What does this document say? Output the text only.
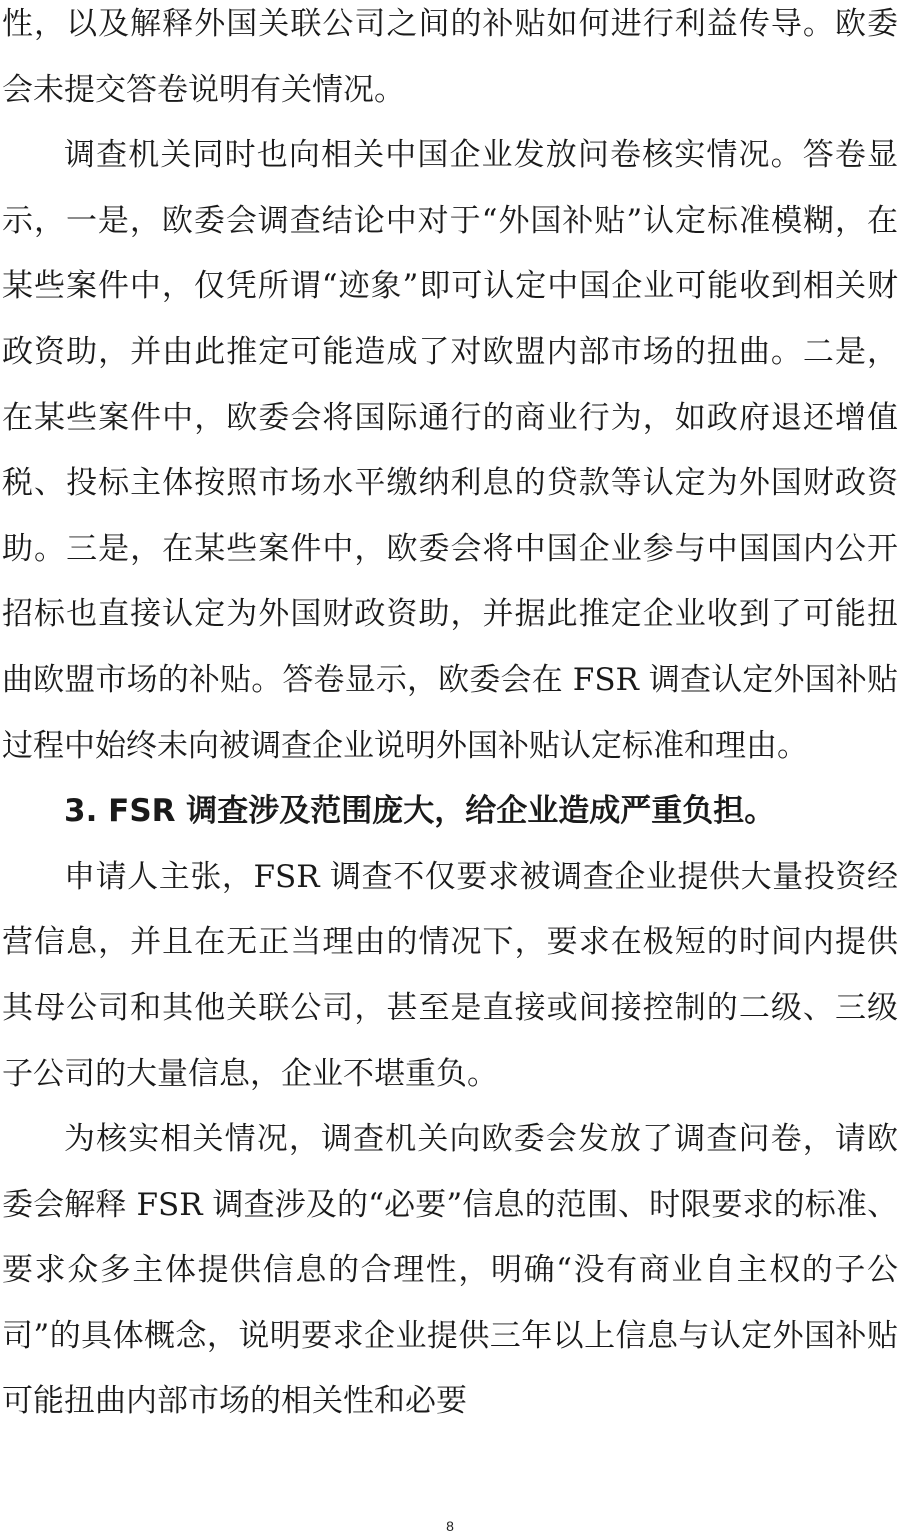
性，以及解释外国关联公司之间的补贴如何进行利益传导。欧委会未提交答卷说明有关情况。

调查机关同时也向相关中国企业发放问卷核实情况。答卷显示，一是，欧委会调查结论中对于“外国补贴”认定标准模糊，在某些案件中，仅凭所谓“迹象”即可认定中国企业可能收到相关财政资助，并由此推定可能造成了对欧盟内部市场的扭曲。二是，在某些案件中，欧委会将国际通行的商业行为，如政府退还增值税、投标主体按照市场水平缴纳利息的贷款等认定为外国财政资助。三是，在某些案件中，欧委会将中国企业参与中国国内公开招标也直接认定为外国财政资助，并据此推定企业收到了可能扭曲欧盟市场的补贴。答卷显示，欧委会在 FSR 调查认定外国补贴过程中始终未向被调查企业说明外国补贴认定标准和理由。

3. FSR 调查涉及范围庞大，给企业造成严重负担。

申请人主张，FSR 调查不仅要求被调查企业提供大量投资经营信息，并且在无正当理由的情况下，要求在极短的时间内提供其母公司和其他关联公司，甚至是直接或间接控制的二级、三级子公司的大量信息，企业不堪重负。

为核实相关情况，调查机关向欧委会发放了调查问卷，请欧委会解释 FSR 调查涉及的“必要”信息的范围、时限要求的标准、要求众多主体提供信息的合理性，明确“没有商业自主权的子公司”的具体概念，说明要求企业提供三年以上信息与认定外国补贴可能扭曲内部市场的相关性和必要

8
